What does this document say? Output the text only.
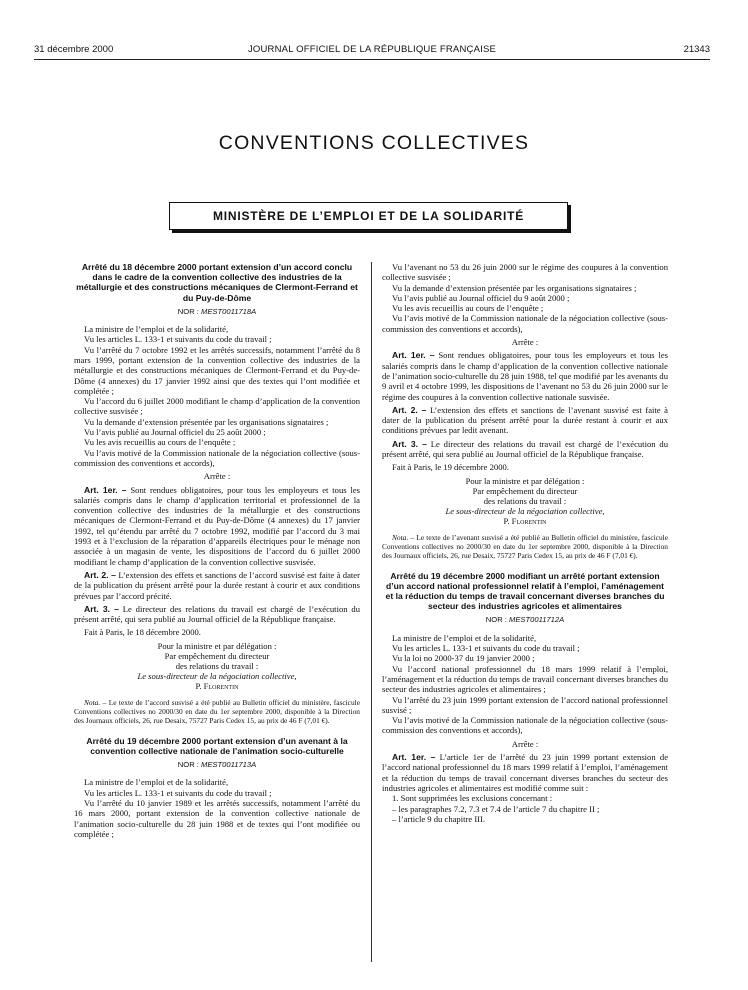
31 décembre 2000	JOURNAL OFFICIEL DE LA RÉPUBLIQUE FRANÇAISE	21343
CONVENTIONS COLLECTIVES
MINISTÈRE DE L’EMPLOI ET DE LA SOLIDARITÉ
Arrêté du 18 décembre 2000 portant extension d’un accord conclu dans le cadre de la convention collective des industries de la métallurgie et des constructions mécaniques de Clermont-Ferrand et du Puy-de-Dôme
NOR : MEST0011718A

La ministre de l’emploi et de la solidarité,

Vu les articles L. 133-1 et suivants du code du travail ;

Vu l’arrêté du 7 octobre 1992 et les arrêtés successifs, notamment l’arrêté du 8 mars 1999, portant extension de la convention collective des industries de la métallurgie et des constructions mécaniques de Clermont-Ferrand et du Puy-de-Dôme (4 annexes) du 17 janvier 1992 ainsi que des textes qui l’ont modifiée et complétée ;

Vu l’accord du 6 juillet 2000 modifiant le champ d’application de la convention collective susvisée ;

Vu la demande d’extension présentée par les organisations signataires ;

Vu l’avis publié au Journal officiel du 25 août 2000 ;

Vu les avis recueillis au cours de l’enquête ;

Vu l’avis motivé de la Commission nationale de la négociation collective (sous-commission des conventions et accords),

Arrête :

Art. 1er. – Sont rendues obligatoires, pour tous les employeurs et tous les salariés compris dans le champ d’application territorial et professionnel de la convention collective des industries de la métallurgie et des constructions mécaniques de Clermont-Ferrand et du Puy-de-Dôme (4 annexes) du 17 janvier 1992, tel qu’étendu par arrêté du 7 octobre 1992, modifié par l’accord du 3 mai 1993 et à l’exclusion de la réparation d’appareils électriques pour le ménage non associée à un magasin de vente, les dispositions de l’accord du 6 juillet 2000 modifiant le champ d’application de la convention collective susvisée.

Art. 2. – L’extension des effets et sanctions de l’accord susvisé est faite à dater de la publication du présent arrêté pour la durée restant à courir et aux conditions prévues par l’accord précité.

Art. 3. – Le directeur des relations du travail est chargé de l’exécution du présent arrêté, qui sera publié au Journal officiel de la République française.

Fait à Paris, le 18 décembre 2000.

Pour la ministre et par délégation :
Par empêchement du directeur
des relations du travail :
Le sous-directeur de la négociation collective,
P. Florentin

Nota. – Le texte de l’accord susvisé a été publié au Bulletin officiel du ministère, fascicule Conventions collectives no 2000/30 en date du 1er septembre 2000, disponible à la Direction des Journaux officiels, 26, rue Desaix, 75727 Paris Cedex 15, au prix de 46 F (7,01 €).

Arrêté du 19 décembre 2000 portant extension d’un avenant à la convention collective nationale de l’animation socio-culturelle
NOR : MEST0011713A

La ministre de l’emploi et de la solidarité,

Vu les articles L. 133-1 et suivants du code du travail ;

Vu l’arrêté du 10 janvier 1989 et les arrêtés successifs, notamment l’arrêté du 16 mars 2000, portant extension de la convention collective nationale de l’animation socio-culturelle du 28 juin 1988 et de textes qui l’ont modifiée ou complétée ;

Vu l’avenant no 53 du 26 juin 2000 sur le régime des coupures à la convention collective susvisée ;

Vu la demande d’extension présentée par les organisations signataires ;

Vu l’avis publié au Journal officiel du 9 août 2000 ;

Vu les avis recueillis au cours de l’enquête ;

Vu l’avis motivé de la Commission nationale de la négociation collective (sous-commission des conventions et accords),

Arrête :

Art. 1er. – Sont rendues obligatoires, pour tous les employeurs et tous les salariés compris dans le champ d’application de la convention collective nationale de l’animation socio-culturelle du 28 juin 1988, tel que modifié par les avenants du 9 avril et 4 octobre 1999, les dispositions de l’avenant no 53 du 26 juin 2000 sur le régime des coupures à la convention collective nationale susvisée.

Art. 2. – L’extension des effets et sanctions de l’avenant susvisé est faite à dater de la publication du présent arrêté pour la durée restant à courir et aux conditions prévues par ledit avenant.

Art. 3. – Le directeur des relations du travail est chargé de l’exécution du présent arrêté, qui sera publié au Journal officiel de la République française.

Fait à Paris, le 19 décembre 2000.

Pour la ministre et par délégation :
Par empêchement du directeur
des relations du travail :
Le sous-directeur de la négociation collective,
P. Florentin

Nota. – Le texte de l’avenant susvisé a été publié au Bulletin officiel du ministère, fascicule Conventions collectives no 2000/30 en date du 1er septembre 2000, disponible à la Direction des Journaux officiels, 26, rue Desaix, 75727 Paris Cedex 15, au prix de 46 F (7,01 €).

Arrêté du 19 décembre 2000 modifiant un arrêté portant extension d’un accord national professionnel relatif à l’emploi, l’aménagement et la réduction du temps de travail concernant diverses branches du secteur des industries agricoles et alimentaires
NOR : MEST0011712A

La ministre de l’emploi et de la solidarité,

Vu les articles L. 133-1 et suivants du code du travail ;

Vu la loi no 2000-37 du 19 janvier 2000 ;

Vu l’accord national professionnel du 18 mars 1999 relatif à l’emploi, l’aménagement et la réduction du temps de travail concernant diverses branches du secteur des industries agricoles et alimentaires ;

Vu l’arrêté du 23 juin 1999 portant extension de l’accord national professionnel susvisé ;

Vu l’avis motivé de la Commission nationale de la négociation collective (sous-commission des conventions et accords),

Arrête :

Art. 1er. – L’article 1er de l’arrêté du 23 juin 1999 portant extension de l’accord national professionnel du 18 mars 1999 relatif à l’emploi, l’aménagement et la réduction du temps de travail concernant diverses branches du secteur des industries agricoles et alimentaires est modifié comme suit :

1. Sont supprimées les exclusions concernant :

– les paragraphes 7.2, 7.3 et 7.4 de l’article 7 du chapitre II ;

– l’article 9 du chapitre III.
